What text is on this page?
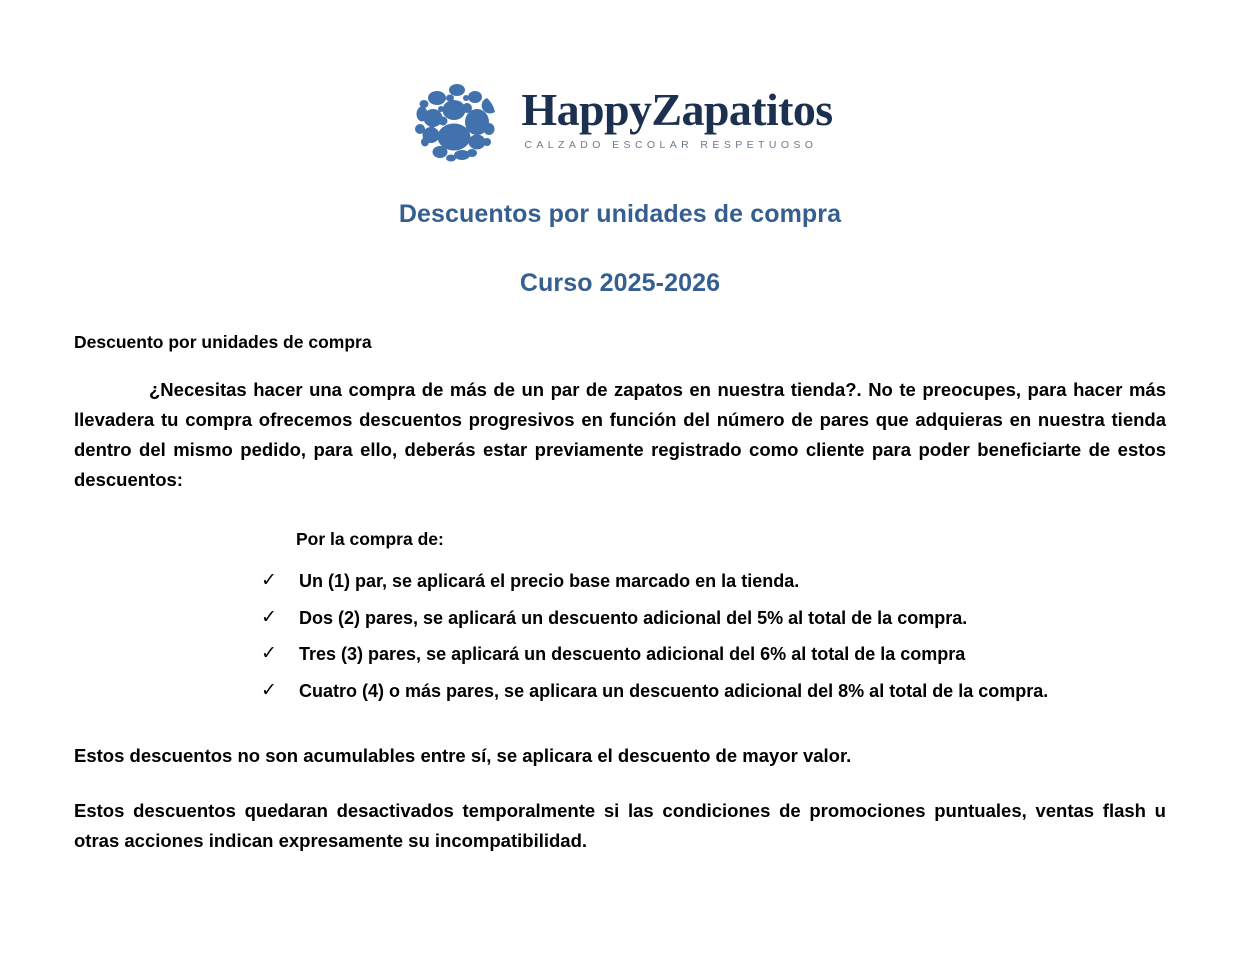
HappyZapatitos
CALZADO ESCOLAR RESPETUOSO
Descuentos por unidades de compra
Curso 2025-2026
Descuento por unidades de compra

¿Necesitas hacer una compra de más de un par de zapatos en nuestra tienda?. No te preocupes, para hacer más llevadera tu compra ofrecemos descuentos progresivos en función del número de pares que adquieras en nuestra tienda dentro del mismo pedido, para ello, deberás estar previamente registrado como cliente para poder beneficiarte de estos descuentos:

Por la compra de:
✓ Un (1) par, se aplicará el precio base marcado en la tienda.
✓ Dos (2) pares, se aplicará un descuento adicional del 5% al total de la compra.
✓ Tres (3) pares, se aplicará un descuento adicional del 6% al total de la compra
✓ Cuatro (4) o más pares, se aplicara un descuento adicional del 8% al total de la compra.

Estos descuentos no son acumulables entre sí, se aplicara el descuento de mayor valor.

Estos descuentos quedaran desactivados temporalmente si las condiciones de promociones puntuales, ventas flash u otras acciones indican expresamente su incompatibilidad.
